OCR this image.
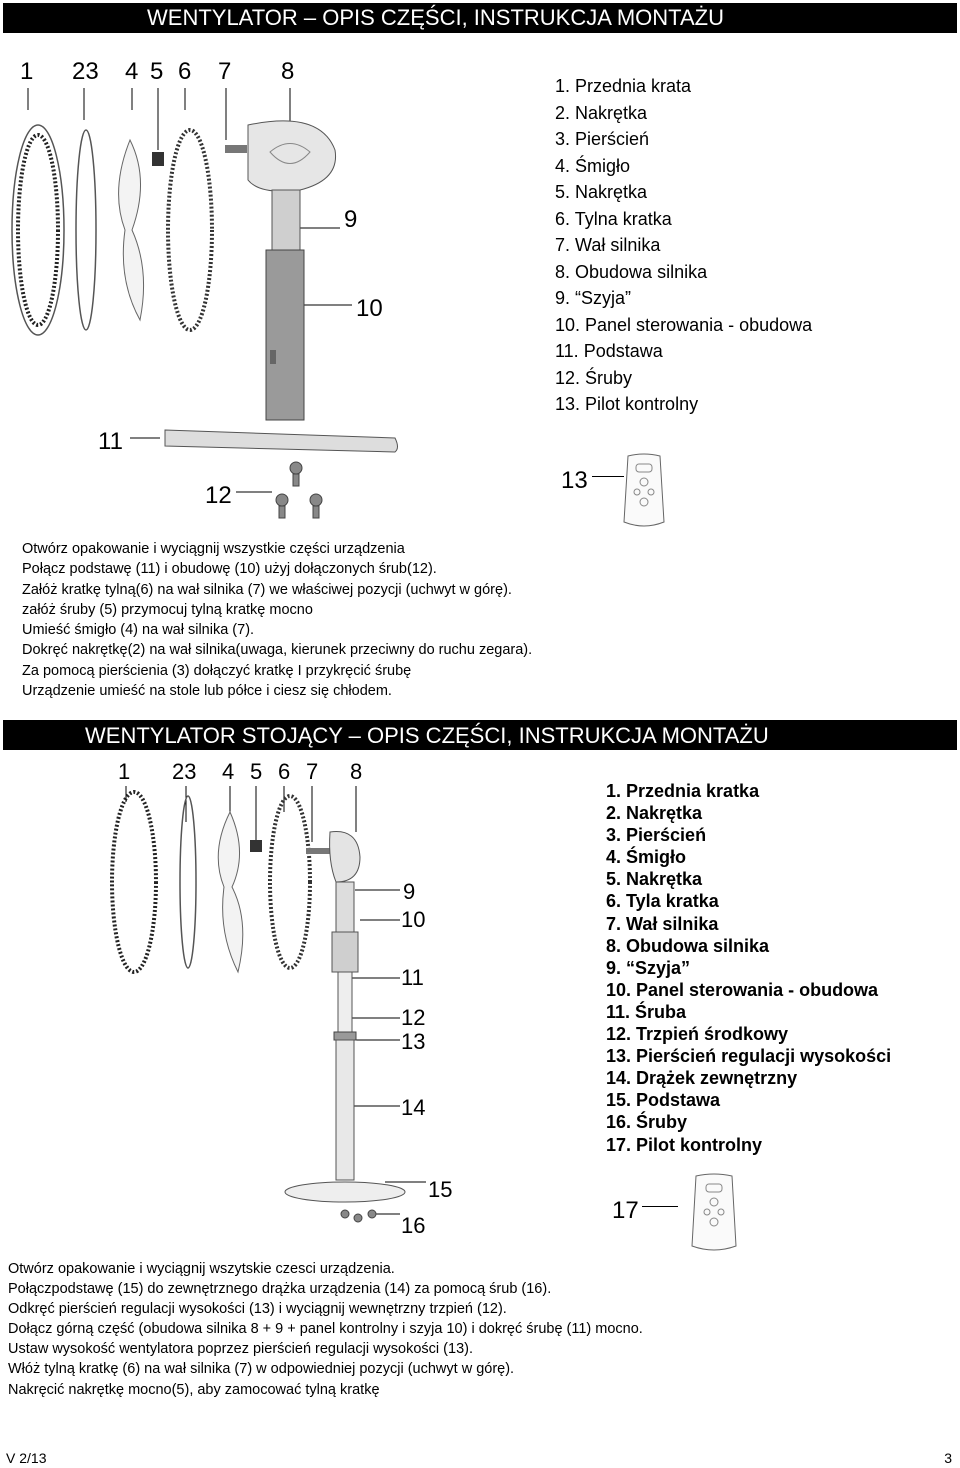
WENTYLATOR – OPIS CZĘŚCI, INSTRUKCJA MONTAŻU
1 23 4 5 6 7 8
9
10
11
12
1. Przednia krata
2. Nakrętka
3. Pierścień
4. Śmigło
5. Nakrętka
6. Tylna kratka
7. Wał silnika
8. Obudowa silnika
9. “Szyja”
10. Panel sterowania - obudowa
11. Podstawa
12. Śruby
13. Pilot kontrolny
13
Otwórz opakowanie i wyciągnij wszystkie części urządzenia
Połącz podstawę (11) i obudowę (10) użyj dołączonych śrub(12).
Załóż kratkę tylną(6) na wał silnika (7) we właściwej pozycji (uchwyt w górę).
załóż śruby (5) przymocuj tylną kratkę mocno
Umieść śmigło (4) na wał silnika (7).
Dokręć nakrętkę(2) na wał silnika(uwaga, kierunek przeciwny do ruchu zegara).
Za pomocą pierścienia (3) dołączyć kratkę I przykręcić śrubę
Urządzenie umieść na stole lub półce i ciesz się chłodem.
WENTYLATOR STOJĄCY – OPIS CZĘŚCI, INSTRUKCJA MONTAŻU
1 23 4 5 6 7 8
9
10
11
12
13
14
15
16
1. Przednia kratka
2. Nakrętka
3. Pierścień
4. Śmigło
5. Nakrętka
6. Tyla kratka
7. Wał silnika
8. Obudowa silnika
9. “Szyja”
10. Panel sterowania - obudowa
11. Śruba
12. Trzpień środkowy
13. Pierścień regulacji wysokości
14. Drążek zewnętrzny
15. Podstawa
16. Śruby
17. Pilot kontrolny
17
Otwórz opakowanie i wyciągnij wszytskie czesci urządzenia.
Połączpodstawę (15) do zewnętrznego drążka urządzenia (14) za pomocą śrub (16).
Odkręć pierścień regulacji wysokości (13) i wyciągnij wewnętrzny trzpień (12).
Dołącz górną część (obudowa silnika 8 + 9 + panel kontrolny i szyja 10) i dokręć śrubę (11) mocno.
Ustaw wysokość wentylatora poprzez pierścień regulacji wysokości (13).
Włóż tylną kratkę (6) na wał silnika (7) w odpowiedniej pozycji (uchwyt w górę).
Nakręcić nakrętkę mocno(5), aby zamocować tylną kratkę
V 2/13	3
